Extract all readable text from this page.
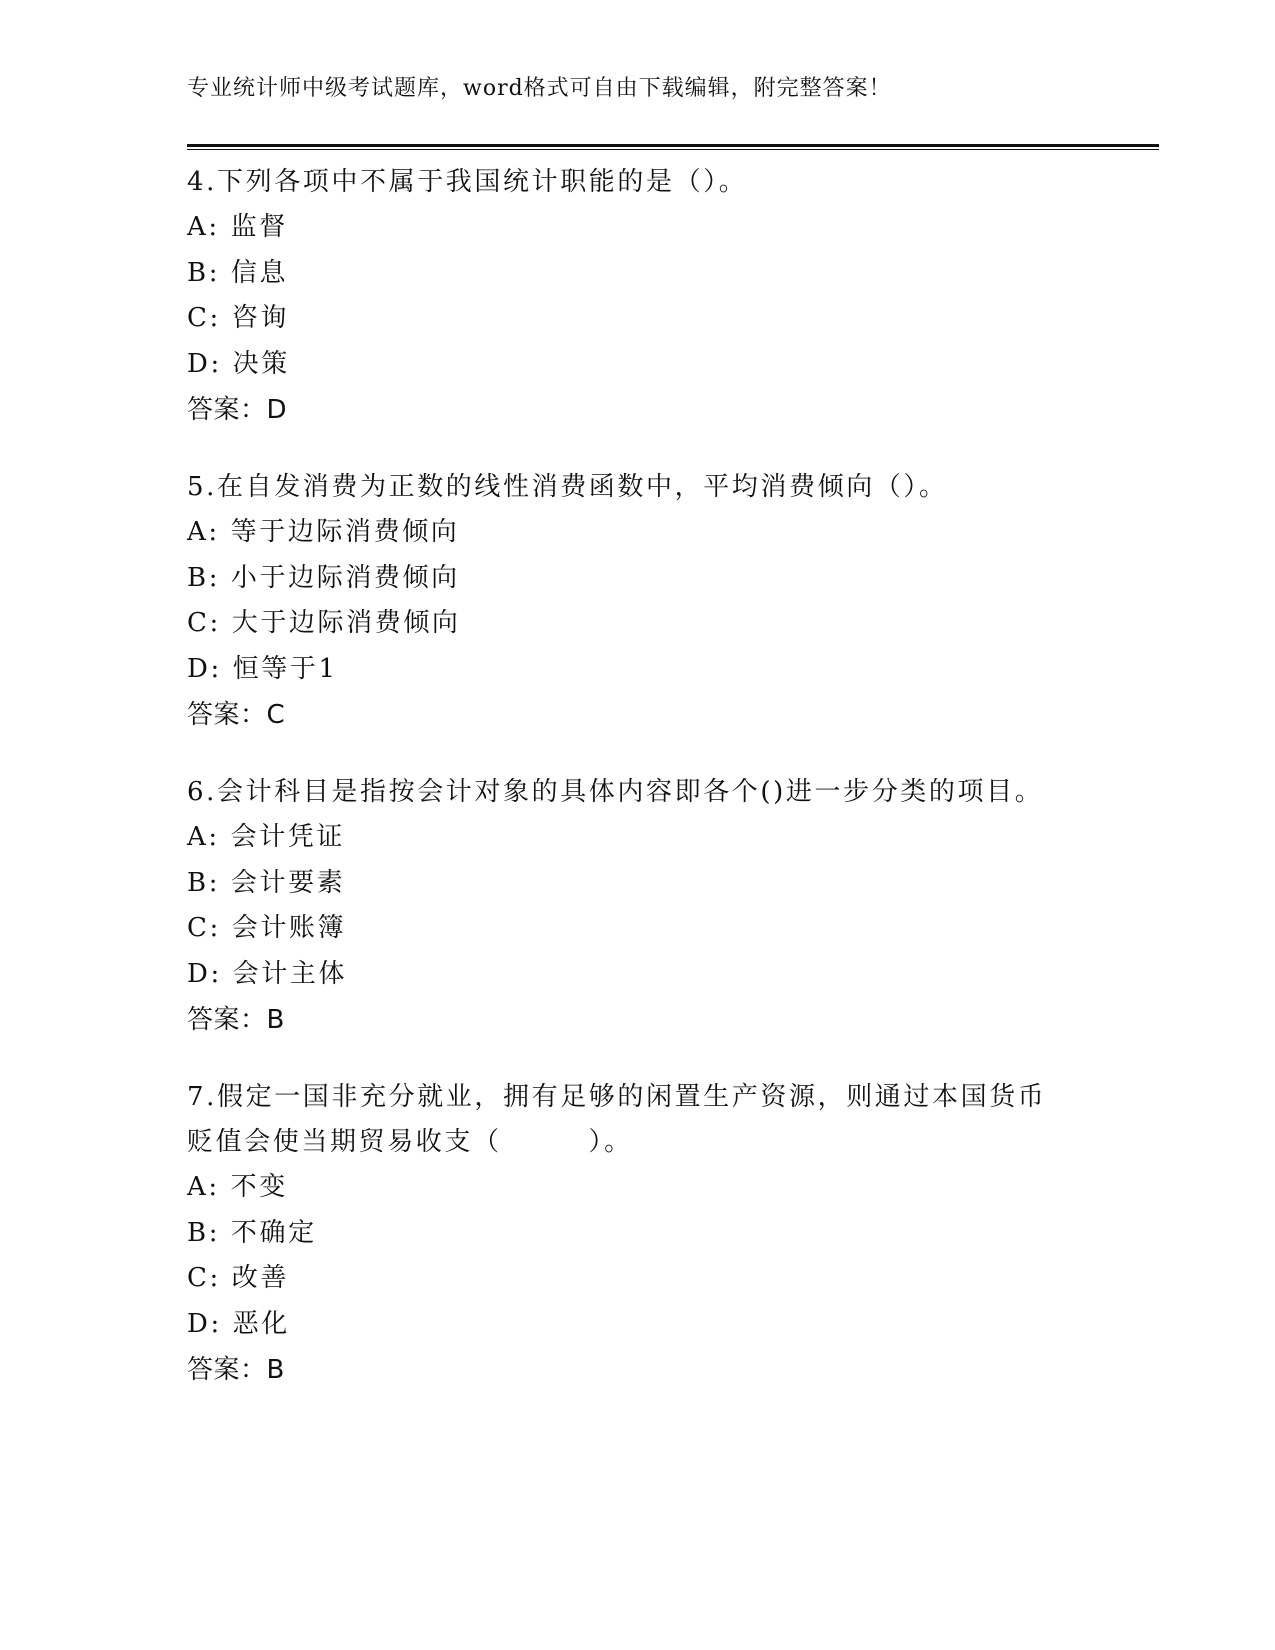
专业统计师中级考试题库，word格式可自由下载编辑，附完整答案！
4.下列各项中不属于我国统计职能的是（）。
A: 监督
B: 信息
C: 咨询
D: 决策
答案：D
5.在自发消费为正数的线性消费函数中，平均消费倾向（）。
A: 等于边际消费倾向
B: 小于边际消费倾向
C: 大于边际消费倾向
D: 恒等于1
答案：C
6.会计科目是指按会计对象的具体内容即各个()进一步分类的项目。
A: 会计凭证
B: 会计要素
C: 会计账簿
D: 会计主体
答案：B
7.假定一国非充分就业，拥有足够的闲置生产资源，则通过本国货币贬值会使当期贸易收支（        ）。
A: 不变
B: 不确定
C: 改善
D: 恶化
答案：B
